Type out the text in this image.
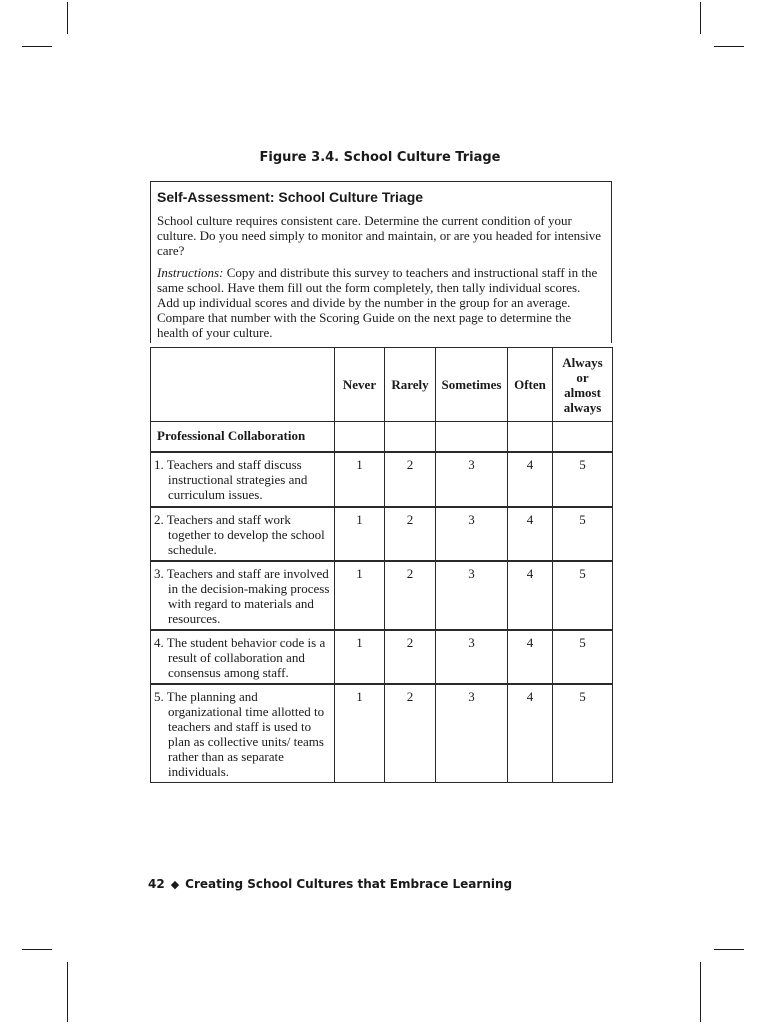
Figure 3.4. School Culture Triage
Self-Assessment: School Culture Triage

School culture requires consistent care. Determine the current condition of your culture. Do you need simply to monitor and maintain, or are you headed for intensive care?

Instructions: Copy and distribute this survey to teachers and instructional staff in the same school. Have them fill out the form completely, then tally individual scores. Add up individual scores and divide by the number in the group for an average. Compare that number with the Scoring Guide on the next page to determine the health of your culture.

	Never	Rarely	Sometimes	Often	Always or almost always
Professional Collaboration					

1. Teachers and staff discuss instructional strategies and curriculum issues.	1	2	3	4	5

2. Teachers and staff work together to develop the school schedule.	1	2	3	4	5

3. Teachers and staff are involved in the decision-making process with regard to materials and resources.	1	2	3	4	5

4. The student behavior code is a result of collaboration and consensus among staff.	1	2	3	4	5

5. The planning and organizational time allotted to teachers and staff is used to plan as collective units/ teams rather than as separate individuals.	1	2	3	4	5
42 ◆ Creating School Cultures that Embrace Learning
